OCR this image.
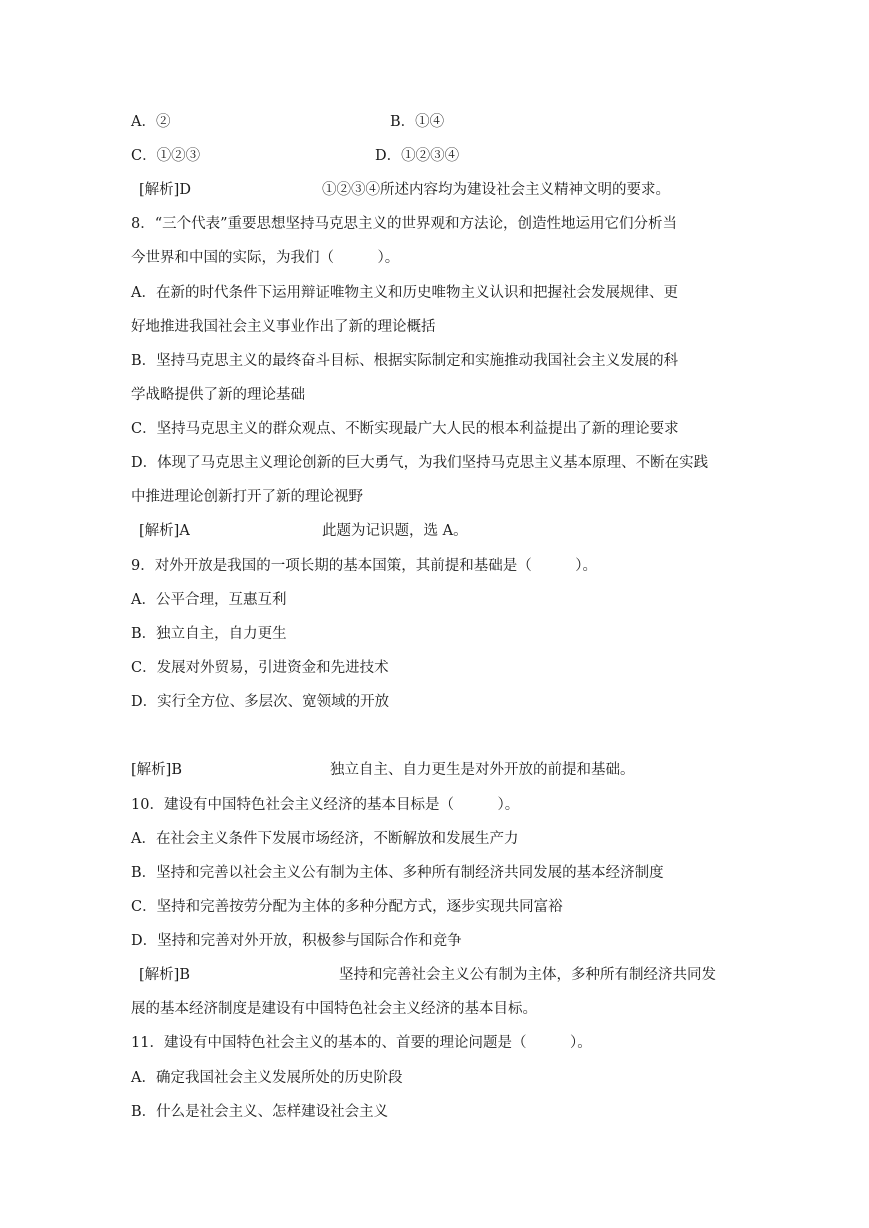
A．②	B．①④
C．①②③	D．①②③④
[解析]D	①②③④所述内容均为建设社会主义精神文明的要求。
8．“三个代表”重要思想坚持马克思主义的世界观和方法论，创造性地运用它们分析当
今世界和中国的实际，为我们（　　　）。
A．在新的时代条件下运用辩证唯物主义和历史唯物主义认识和把握社会发展规律、更
好地推进我国社会主义事业作出了新的理论概括
B．坚持马克思主义的最终奋斗目标、根据实际制定和实施推动我国社会主义发展的科
学战略提供了新的理论基础
C．坚持马克思主义的群众观点、不断实现最广大人民的根本利益提出了新的理论要求
D．体现了马克思主义理论创新的巨大勇气，为我们坚持马克思主义基本原理、不断在实践
中推进理论创新打开了新的理论视野
[解析]A	此题为记识题，选 A。
9．对外开放是我国的一项长期的基本国策，其前提和基础是（　　　）。
A．公平合理，互惠互利
B．独立自主，自力更生
C．发展对外贸易，引进资金和先进技术
D．实行全方位、多层次、宽领域的开放
[解析]B	独立自主、自力更生是对外开放的前提和基础。
10．建设有中国特色社会主义经济的基本目标是（　　　）。
A．在社会主义条件下发展市场经济，不断解放和发展生产力
B．坚持和完善以社会主义公有制为主体、多种所有制经济共同发展的基本经济制度
C．坚持和完善按劳分配为主体的多种分配方式，逐步实现共同富裕
D．坚持和完善对外开放，积极参与国际合作和竞争
[解析]B	坚持和完善社会主义公有制为主体，多种所有制经济共同发
展的基本经济制度是建设有中国特色社会主义经济的基本目标。
11．建设有中国特色社会主义的基本的、首要的理论问题是（　　　）。
A．确定我国社会主义发展所处的历史阶段
B．什么是社会主义、怎样建设社会主义
